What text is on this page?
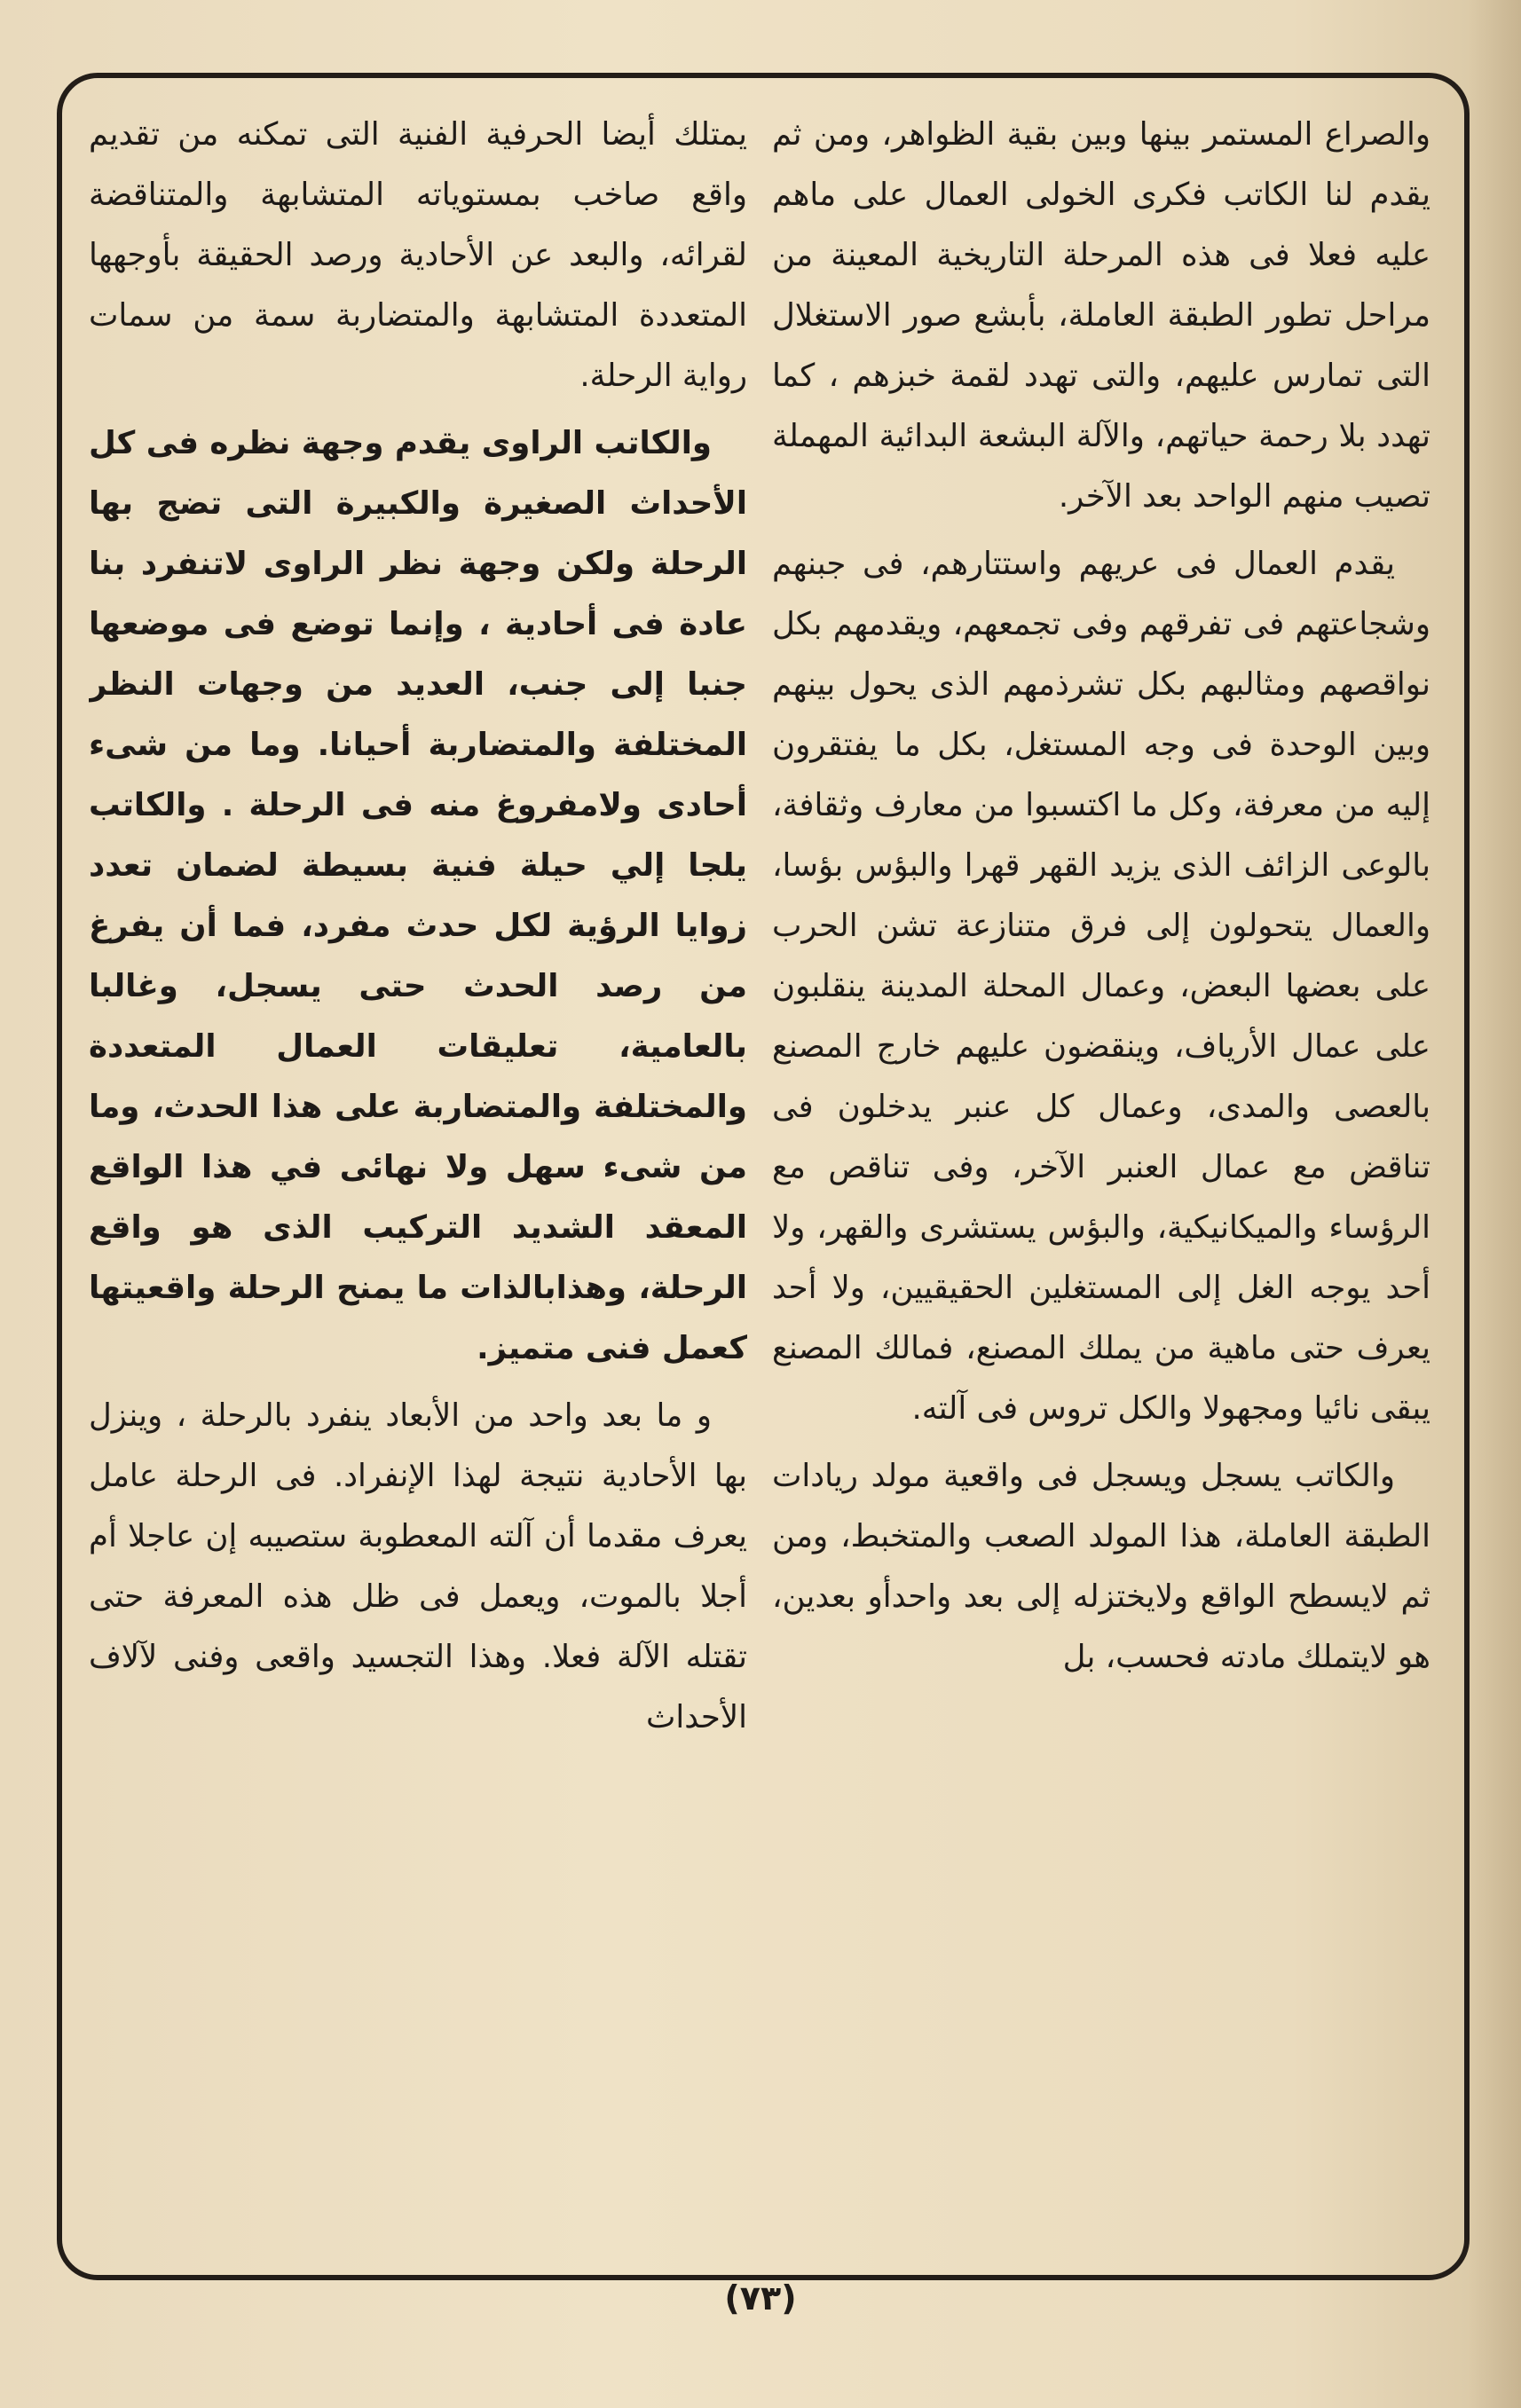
والصراع المستمر بينها وبين بقية الظواهر، ومن ثم يقدم لنا الكاتب فكرى الخولى العمال على ماهم عليه فعلا فى هذه المرحلة التاريخية المعينة من مراحل تطور الطبقة العاملة، بأبشع صور الاستغلال التى تمارس عليهم، والتى تهدد لقمة خبزهم ، كما تهدد بلا رحمة حياتهم، والآلة البشعة البدائية المهملة تصيب منهم الواحد بعد الآخر.

يقدم العمال فى عريهم واستتارهم، فى جبنهم وشجاعتهم فى تفرقهم وفى تجمعهم، ويقدمهم بكل نواقصهم ومثالبهم بكل تشرذمهم الذى يحول بينهم وبين الوحدة فى وجه المستغل، بكل ما يفتقرون إليه من معرفة، وكل ما اكتسبوا من معارف وثقافة، بالوعى الزائف الذى يزيد القهر قهرا والبؤس بؤسا، والعمال يتحولون إلى فرق متنازعة تشن الحرب على بعضها البعض، وعمال المحلة المدينة ينقلبون على عمال الأرياف، وينقضون عليهم خارج المصنع بالعصى والمدى، وعمال كل عنبر يدخلون فى تناقض مع عمال العنبر الآخر، وفى تناقص مع الرؤساء والميكانيكية، والبؤس يستشرى والقهر، ولا أحد يوجه الغل إلى المستغلين الحقيقيين، ولا أحد يعرف حتى ماهية من يملك المصنع، فمالك المصنع يبقى نائيا ومجهولا والكل تروس فى آلته.

والكاتب يسجل ويسجل فى واقعية مولد ريادات الطبقة العاملة، هذا المولد الصعب والمتخبط، ومن ثم لايسطح الواقع ولايختزله إلى بعد واحدأو بعدين، هو لايتملك مادته فحسب، بل

يمتلك أيضا الحرفية الفنية التى تمكنه من تقديم واقع صاخب بمستوياته المتشابهة والمتناقضة لقرائه، والبعد عن الأحادية ورصد الحقيقة بأوجهها المتعددة المتشابهة والمتضاربة سمة من سمات رواية الرحلة.

والكاتب الراوى يقدم وجهة نظره فى كل الأحداث الصغيرة والكبيرة التى تضج بها الرحلة ولكن وجهة نظر الراوى لاتنفرد بنا عادة فى أحادية ، وإنما توضع فى موضعها جنبا إلى جنب، العديد من وجهات النظر المختلفة والمتضاربة أحيانا. وما من شىء أحادى ولامفروغ منه فى الرحلة . والكاتب يلجا إلي حيلة فنية بسيطة لضمان تعدد زوايا الرؤية لكل حدث مفرد، فما أن يفرغ من رصد الحدث حتى يسجل، وغالبا بالعامية، تعليقات العمال المتعددة والمختلفة والمتضاربة على هذا الحدث، وما من شىء سهل ولا نهائى في هذا الواقع المعقد الشديد التركيب الذى هو واقع الرحلة، وهذابالذات ما يمنح الرحلة واقعيتها كعمل فنى متميز.

و ما بعد واحد من الأبعاد ينفرد بالرحلة ، وينزل بها الأحادية نتيجة لهذا الإنفراد. فى الرحلة عامل يعرف مقدما أن آلته المعطوبة ستصيبه إن عاجلا أم أجلا بالموت، ويعمل فى ظل هذه المعرفة حتى تقتله الآلة فعلا. وهذا التجسيد واقعى وفنى لآلاف الأحداث

(٧٣)
